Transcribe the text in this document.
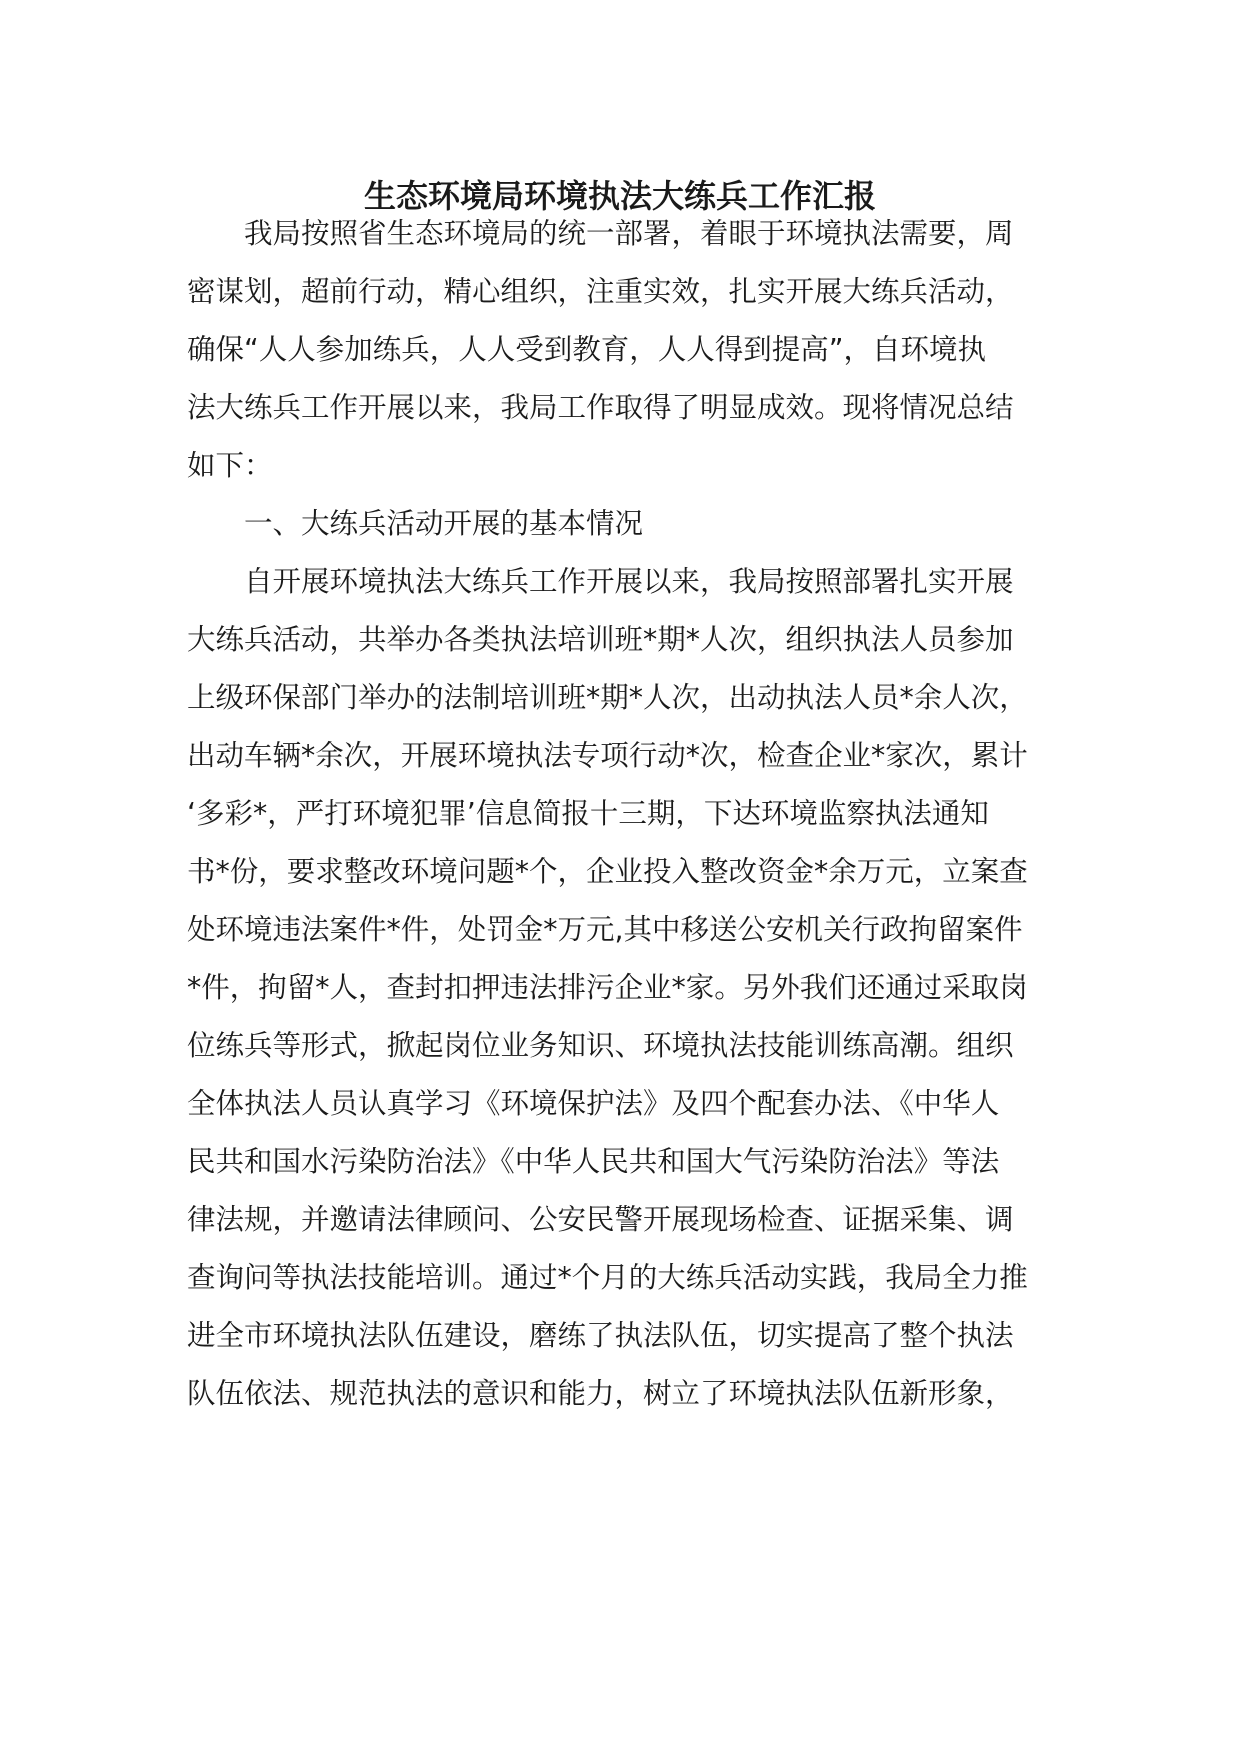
生态环境局环境执法大练兵工作汇报
我局按照省生态环境局的统一部署，着眼于环境执法需要，周
密谋划，超前行动，精心组织，注重实效，扎实开展大练兵活动，
确保“人人参加练兵，人人受到教育，人人得到提高”，自环境执
法大练兵工作开展以来，我局工作取得了明显成效。现将情况总结
如下：
一、大练兵活动开展的基本情况
自开展环境执法大练兵工作开展以来，我局按照部署扎实开展
大练兵活动，共举办各类执法培训班*期*人次，组织执法人员参加
上级环保部门举办的法制培训班*期*人次，出动执法人员*余人次，
出动车辆*余次，开展环境执法专项行动*次，检查企业*家次，累计
‘多彩*，严打环境犯罪’信息简报十三期，下达环境监察执法通知
书*份，要求整改环境问题*个，企业投入整改资金*余万元，立案查
处环境违法案件*件，处罚金*万元,其中移送公安机关行政拘留案件
*件，拘留*人，查封扣押违法排污企业*家。另外我们还通过采取岗
位练兵等形式，掀起岗位业务知识、环境执法技能训练高潮。组织
全体执法人员认真学习《环境保护法》及四个配套办法、《中华人
民共和国水污染防治法》《中华人民共和国大气污染防治法》等法
律法规，并邀请法律顾问、公安民警开展现场检查、证据采集、调
查询问等执法技能培训。通过*个月的大练兵活动实践，我局全力推
进全市环境执法队伍建设，磨练了执法队伍，切实提高了整个执法
队伍依法、规范执法的意识和能力，树立了环境执法队伍新形象，
